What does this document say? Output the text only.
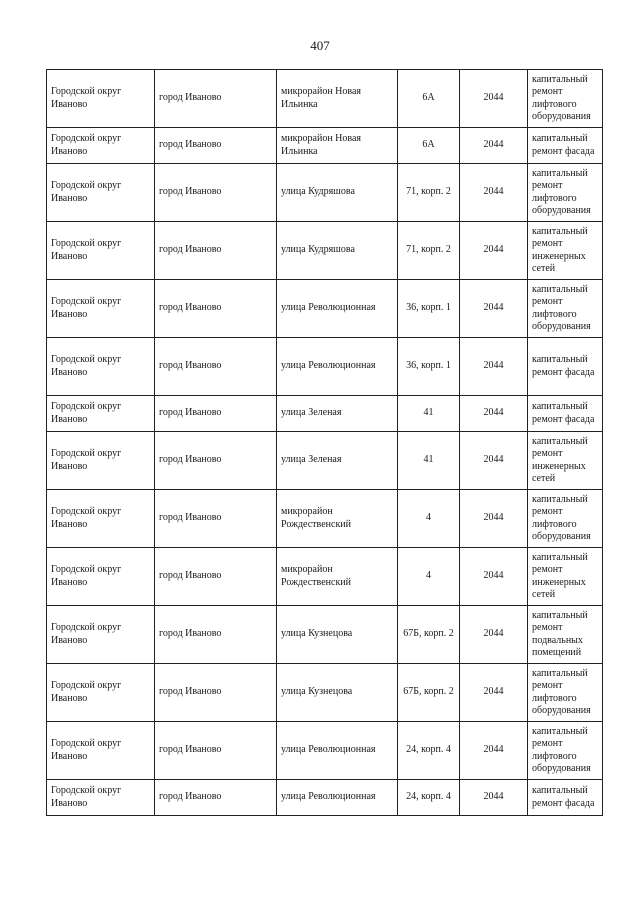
407
Городской округ Иваново	город Иваново	микрорайон Новая Ильинка	6А	2044	капитальный ремонт лифтового оборудования
Городской округ Иваново	город Иваново	микрорайон Новая Ильинка	6А	2044	капитальный ремонт фасада
Городской округ Иваново	город Иваново	улица Кудряшова	71, корп. 2	2044	капитальный ремонт лифтового оборудования
Городской округ Иваново	город Иваново	улица Кудряшова	71, корп. 2	2044	капитальный ремонт инженерных сетей
Городской округ Иваново	город Иваново	улица Революционная	36, корп. 1	2044	капитальный ремонт лифтового оборудования
Городской округ Иваново	город Иваново	улица Революционная	36, корп. 1	2044	капитальный ремонт фасада
Городской округ Иваново	город Иваново	улица Зеленая	41	2044	капитальный ремонт фасада
Городской округ Иваново	город Иваново	улица Зеленая	41	2044	капитальный ремонт инженерных сетей
Городской округ Иваново	город Иваново	микрорайон Рождественский	4	2044	капитальный ремонт лифтового оборудования
Городской округ Иваново	город Иваново	микрорайон Рождественский	4	2044	капитальный ремонт инженерных сетей
Городской округ Иваново	город Иваново	улица Кузнецова	67Б, корп. 2	2044	капитальный ремонт подвальных помещений
Городской округ Иваново	город Иваново	улица Кузнецова	67Б, корп. 2	2044	капитальный ремонт лифтового оборудования
Городской округ Иваново	город Иваново	улица Революционная	24, корп. 4	2044	капитальный ремонт лифтового оборудования
Городской округ Иваново	город Иваново	улица Революционная	24, корп. 4	2044	капитальный ремонт фасада
